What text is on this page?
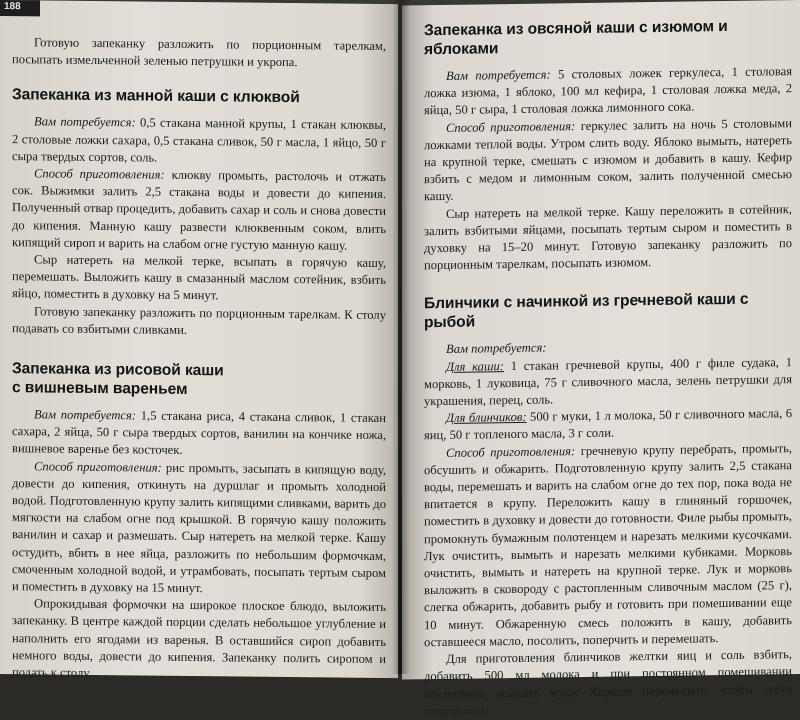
188

Готовую запеканку разложить по порционным тарелкам, посыпать измельченной зеленью петрушки и укропа.

Запеканка из манной каши с клюквой

Вам потребуется: 0,5 стакана манной крупы, 1 стакан клюквы, 2 столовые ложки сахара, 0,5 стакана сливок, 50 г масла, 1 яйцо, 50 г сыра твердых сортов, соль.

Способ приготовления: клюкву промыть, растолочь и отжать сок. Выжимки залить 2,5 стакана воды и довести до кипения. Полученный отвар процедить, добавить сахар и соль и снова довести до кипения. Манную кашу развести клюквенным соком, влить кипящий сироп и варить на слабом огне густую манную кашу.

Сыр натереть на мелкой терке, всыпать в горячую кашу, перемешать. Выложить кашу в смазанный маслом сотейник, взбить яйцо, поместить в духовку на 5 минут.

Готовую запеканку разложить по порционным тарелкам. К столу подавать со взбитыми сливками.

Запеканка из рисовой каши
с вишневым вареньем

Вам потребуется: 1,5 стакана риса, 4 стакана сливок, 1 стакан сахара, 2 яйца, 50 г сыра твердых сортов, ванилин на кончике ножа, вишневое варенье без косточек.

Способ приготовления: рис промыть, засыпать в кипящую воду, довести до кипения, откинуть на дуршлаг и промыть холодной водой. Подготовленную крупу залить кипящими сливками, варить до мягкости на слабом огне под крышкой. В горячую кашу положить ванилин и сахар и размешать. Сыр натереть на мелкой терке. Кашу остудить, вбить в нее яйца, разложить по небольшим формочкам, смоченным холодной водой, и утрамбовать, посыпать тертым сыром и поместить в духовку на 15 минут.

Опрокидывая формочки на широкое плоское блюдо, выложить запеканку. В центре каждой порции сделать небольшое углубление и наполнить его ягодами из варенья. В оставшийся сироп добавить немного воды, довести до кипения. Запеканку полить сиропом и подать к столу.

Запеканка из овсяной каши с изюмом и яблоками

Вам потребуется: 5 столовых ложек геркулеса, 1 столовая ложка изюма, 1 яблоко, 100 мл кефира, 1 столовая ложка меда, 2 яйца, 50 г сыра, 1 столовая ложка лимонного сока.

Способ приготовления: геркулес залить на ночь 5 столовыми ложками теплой воды. Утром слить воду. Яблоко вымыть, натереть на крупной терке, смешать с изюмом и добавить в кашу. Кефир взбить с медом и лимонным соком, залить полученной смесью кашу.

Сыр натереть на мелкой терке. Кашу переложить в сотейник, залить взбитыми яйцами, посыпать тертым сыром и поместить в духовку на 15–20 минут. Готовую запеканку разложить по порционным тарелкам, посыпать изюмом.

Блинчики с начинкой из гречневой каши с рыбой

Вам потребуется:

Для каши: 1 стакан гречневой крупы, 400 г филе судака, 1 морковь, 1 луковица, 75 г сливочного масла, зелень петрушки для украшения, перец, соль.

Для блинчиков: 500 г муки, 1 л молока, 50 г сливочного масла, 6 яиц, 50 г топленого масла, 3 г соли.

Способ приготовления: гречневую крупу перебрать, промыть, обсушить и обжарить. Подготовленную крупу залить 2,5 стакана воды, перемешать и варить на слабом огне до тех пор, пока вода не впитается в крупу. Переложить кашу в глиняный горшочек, поместить в духовку и довести до готовности. Филе рыбы промыть, промокнуть бумажным полотенцем и нарезать мелкими кусочками. Лук очистить, вымыть и нарезать мелкими кубиками. Морковь очистить, вымыть и натереть на крупной терке. Лук и морковь выложить в сковороду с растопленным сливочным маслом (25 г), слегка обжарить, добавить рыбу и готовить при помешивании еще 10 минут. Обжаренную смесь положить в кашу, добавить оставшееся масло, посолить, поперчить и перемешать.

Для приготовления блинчиков желтки яиц и соль взбить, добавить 500 мл молока и при постоянном помешивании постепенно всыпать муку. Хорошо перемешать, чтобы тесто получилось
